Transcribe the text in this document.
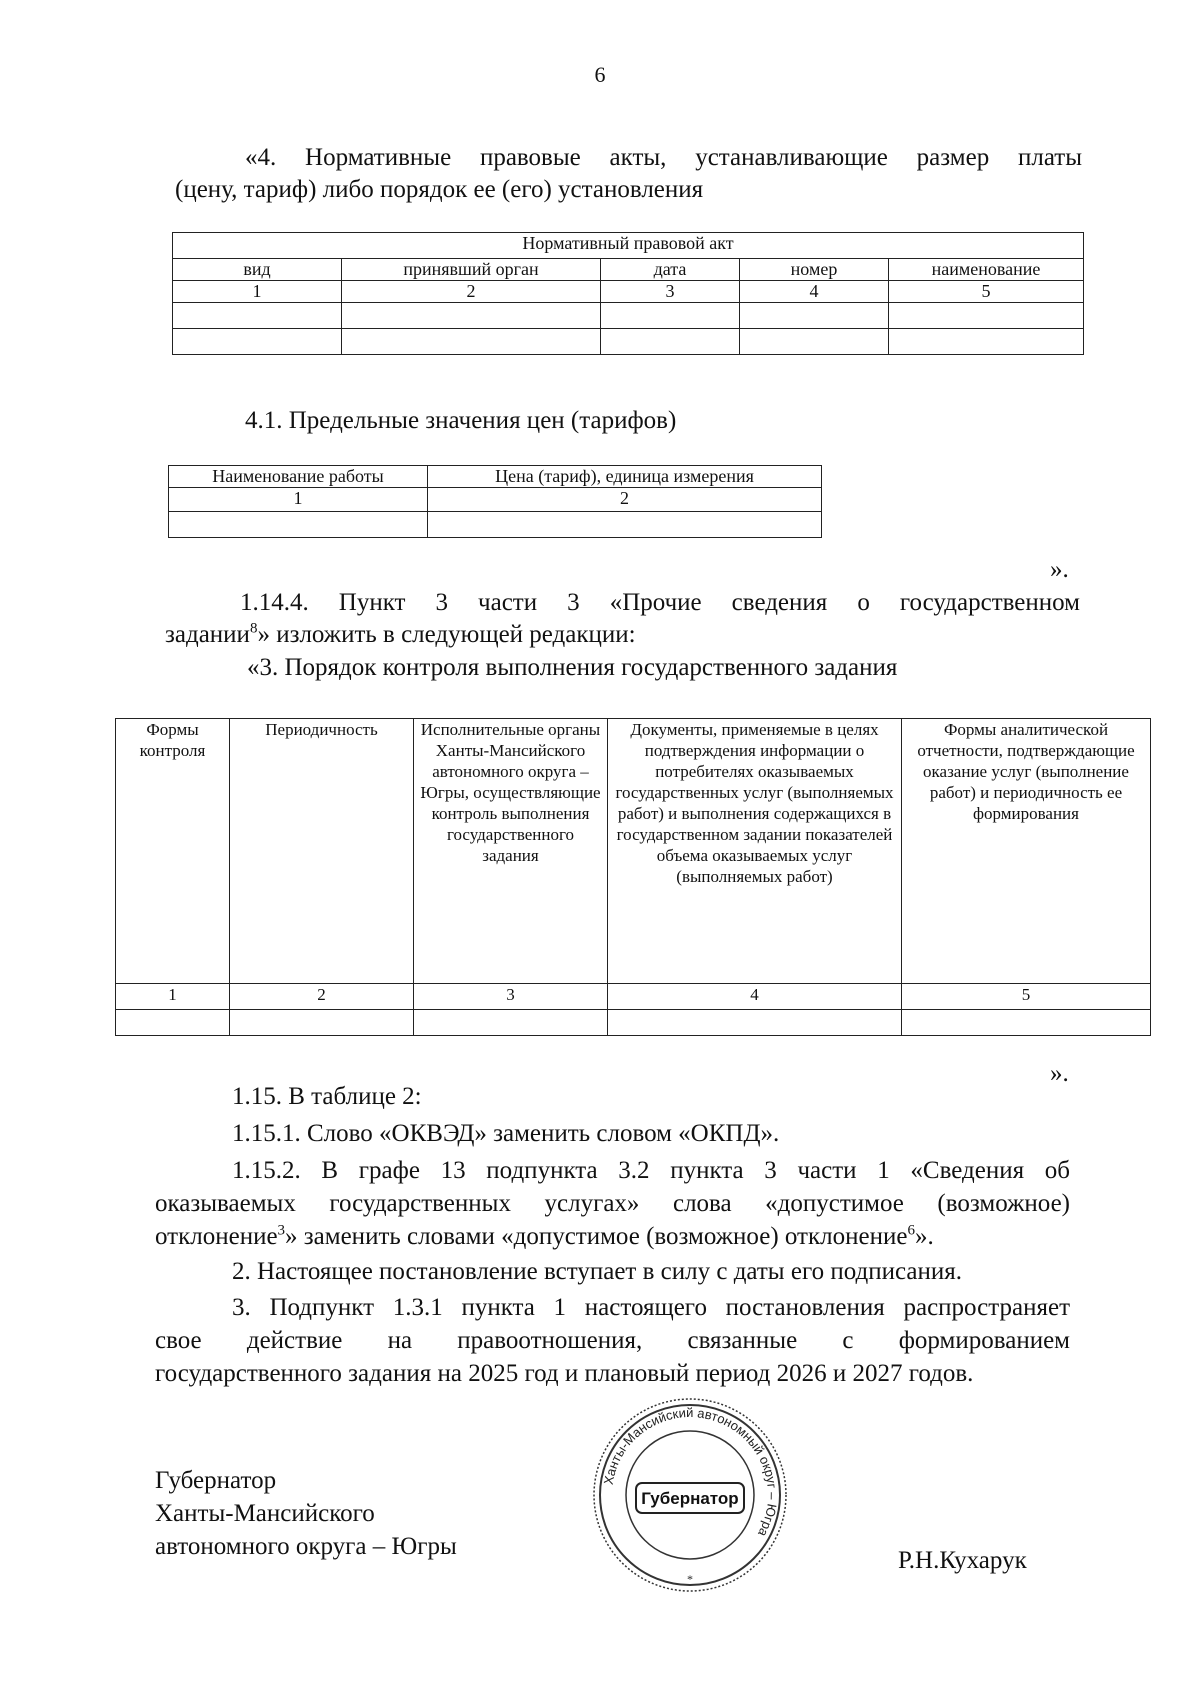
6
«4. Нормативные правовые акты, устанавливающие размер платы
(цену, тариф) либо порядок ее (его) установления
Нормативный правовой акт				
вид	принявший орган	дата	номер	наименование
1	2	3	4	5

4.1. Предельные значения цен (тарифов)
Наименование работы	Цена (тариф), единица измерения
1	2

».
1.14.4. Пункт 3 части 3 «Прочие сведения о государственном
задании$^8$» изложить в следующей редакции:
«3. Порядок контроля выполнения государственного задания
Формы контроля	Периодичность	Исполнительные органы Ханты-Мансийского автономного округа – Югры, осуществляющие контроль выполнения государственного задания	Документы, применяемые в целях подтверждения информации о потребителях оказываемых государственных услуг (выполняемых работ) и выполнения содержащихся в государственном задании показателей объема оказываемых услуг (выполняемых работ)	Формы аналитической отчетности, подтверждающие оказание услуг (выполнение работ) и периодичность ее формирования
1	2	3	4	5

».
1.15. В таблице 2:
1.15.1. Слово «ОКВЭД» заменить словом «ОКПД».
1.15.2. В графе 13 подпункта 3.2 пункта 3 части 1 «Сведения об
оказываемых государственных услугах» слова «допустимое (возможное)
отклонение$^3$» заменить словами «допустимое (возможное) отклонение$^6$».
2. Настоящее постановление вступает в силу с даты его подписания.
3. Подпункт 1.3.1 пункта 1 настоящего постановления распространяет
свое действие на правоотношения, связанные с формированием
государственного задания на 2025 год и плановый период 2026 и 2027 годов.
Губернатор
Ханты-Мансийского
автономного округа – Югры
Р.Н.Кухарук
Ханты-Мансийский автономный округ – Югра
Губернатор
*
